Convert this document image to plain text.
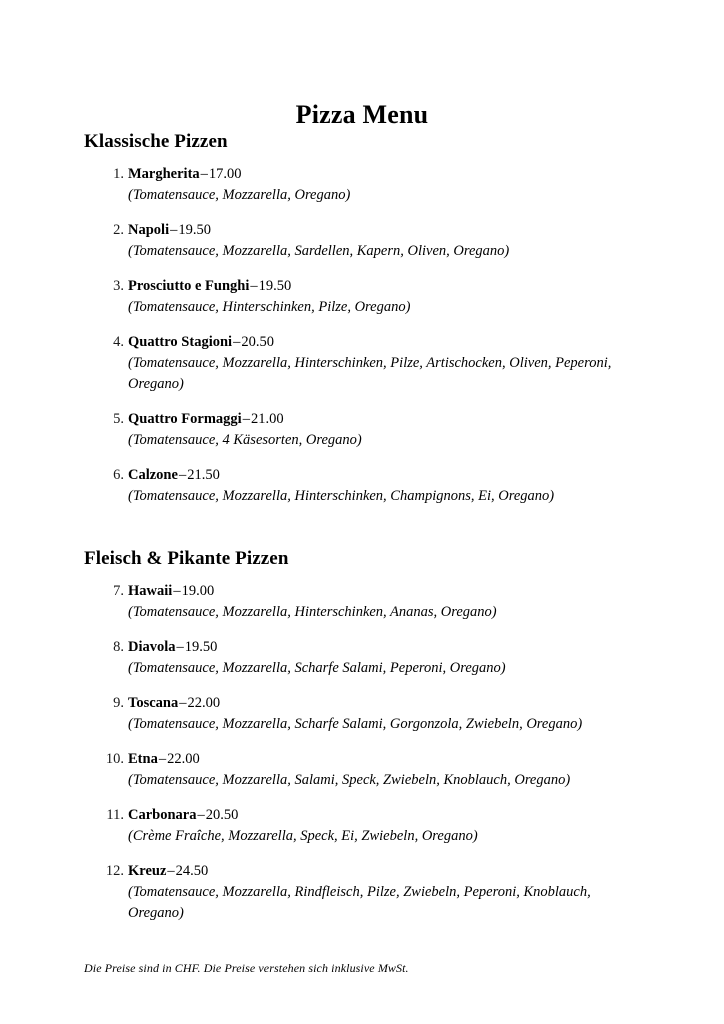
Pizza Menu
Klassische Pizzen
1. Margherita–17.00
(Tomatensauce, Mozzarella, Oregano)
2. Napoli–19.50
(Tomatensauce, Mozzarella, Sardellen, Kapern, Oliven, Oregano)
3. Prosciutto e Funghi–19.50
(Tomatensauce, Hinterschinken, Pilze, Oregano)
4. Quattro Stagioni–20.50
(Tomatensauce, Mozzarella, Hinterschinken, Pilze, Artischocken, Oliven, Peperoni, Oregano)
5. Quattro Formaggi–21.00
(Tomatensauce, 4 Käsesorten, Oregano)
6. Calzone–21.50
(Tomatensauce, Mozzarella, Hinterschinken, Champignons, Ei, Oregano)
Fleisch & Pikante Pizzen
7. Hawaii–19.00
(Tomatensauce, Mozzarella, Hinterschinken, Ananas, Oregano)
8. Diavola–19.50
(Tomatensauce, Mozzarella, Scharfe Salami, Peperoni, Oregano)
9. Toscana–22.00
(Tomatensauce, Mozzarella, Scharfe Salami, Gorgonzola, Zwiebeln, Oregano)
10. Etna–22.00
(Tomatensauce, Mozzarella, Salami, Speck, Zwiebeln, Knoblauch, Oregano)
11. Carbonara–20.50
(Crème Fraîche, Mozzarella, Speck, Ei, Zwiebeln, Oregano)
12. Kreuz–24.50
(Tomatensauce, Mozzarella, Rindfleisch, Pilze, Zwiebeln, Peperoni, Knoblauch, Oregano)
Die Preise sind in CHF. Die Preise verstehen sich inklusive MwSt.
